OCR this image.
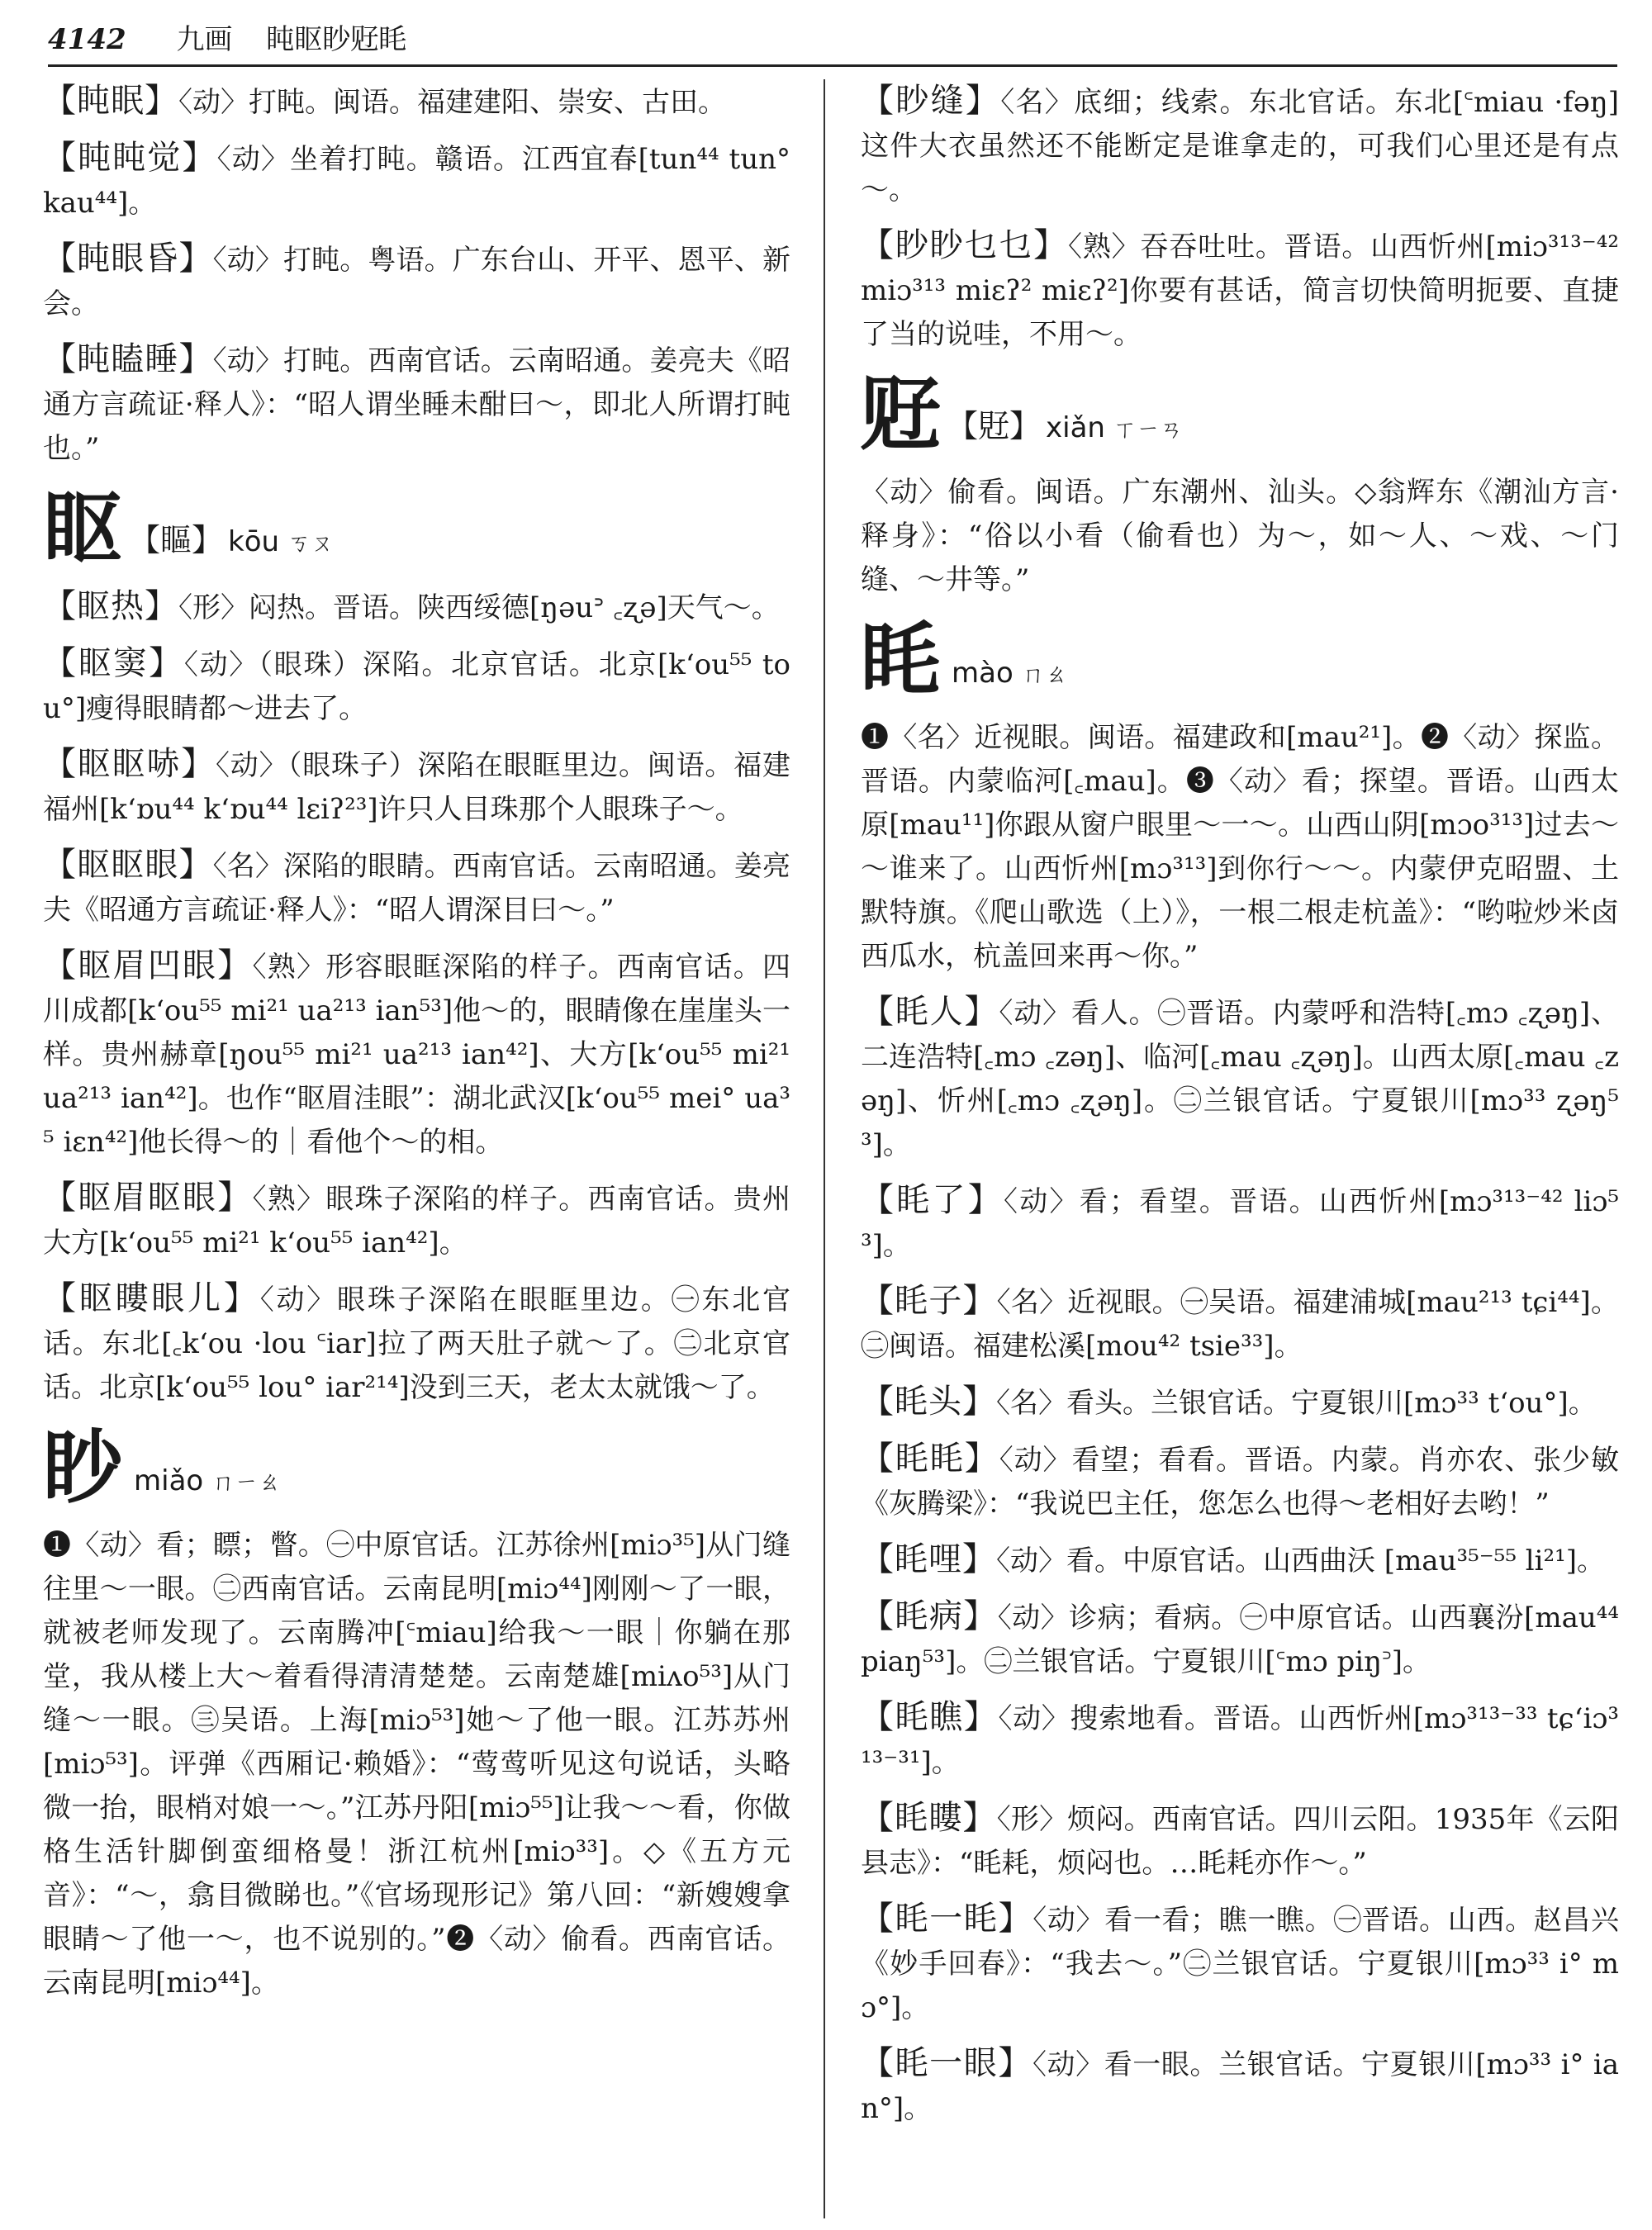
4142 九画 盹眍眇觃眊

【盹眠】〈动〉打盹。闽语。福建建阳、崇安、古田。

【盹盹觉】〈动〉坐着打盹。赣语。江西宜春[tun⁴⁴ tun° kau⁴⁴]。

【盹眼昏】〈动〉打盹。粤语。广东台山、开平、恩平、新会。

【盹瞌睡】〈动〉打盹。西南官话。云南昭通。姜亮夫《昭通方言疏证·释人》：“昭人谓坐睡未酣曰～，即北人所谓打盹也。”

眍 【瞘】 kōu ㄎㄡ

【眍热】〈形〉闷热。晋语。陕西绥德[ŋəuᐣ ꜀ʐə]天气～。

【眍窦】〈动〉（眼珠）深陷。北京官话。北京[k‘ou⁵⁵ tou°]瘦得眼睛都～进去了。

【眍眍哧】〈动〉（眼珠子）深陷在眼眶里边。闽语。福建福州[k‘ɒu⁴⁴ k‘ɒu⁴⁴ lɛiʔ²³]许只人目珠那个人眼珠子～。

【眍眍眼】〈名〉深陷的眼睛。西南官话。云南昭通。姜亮夫《昭通方言疏证·释人》：“昭人谓深目曰～。”

【眍眉凹眼】〈熟〉形容眼眶深陷的样子。西南官话。四川成都[k‘ou⁵⁵ mi²¹ ua²¹³ ian⁵³]他～的，眼睛像在崖崖头一样。贵州赫章[ŋou⁵⁵ mi²¹ ua²¹³ ian⁴²]、大方[k‘ou⁵⁵ mi²¹ ua²¹³ ian⁴²]。也作“眍眉洼眼”：湖北武汉[k‘ou⁵⁵ mei° ua³⁵ iɛn⁴²]他长得～的｜看他个～的相。

【眍眉眍眼】〈熟〉眼珠子深陷的样子。西南官话。贵州大方[k‘ou⁵⁵ mi²¹ k‘ou⁵⁵ ian⁴²]。

【眍瞜眼儿】〈动〉眼珠子深陷在眼眶里边。㊀东北官话。东北[꜀k‘ou ·lou ꜂iar]拉了两天肚子就～了。㊁北京官话。北京[k‘ou⁵⁵ lou° iar²¹⁴]没到三天，老太太就饿～了。

眇miǎo ㄇㄧㄠ

❶〈动〉看；瞟；瞥。㊀中原官话。江苏徐州[miɔ³⁵]从门缝往里～一眼。㊁西南官话。云南昆明[miɔ⁴⁴]刚刚～了一眼，就被老师发现了。云南腾冲[꜂miau]给我～一眼｜你躺在那堂，我从楼上大～着看得清清楚楚。云南楚雄[miʌo⁵³]从门缝～一眼。㊂吴语。上海[miɔ⁵³]她～了他一眼。江苏苏州[miɔ⁵³]。评弹《西厢记·赖婚》：“莺莺听见这句说话，头略微一抬，眼梢对娘一～。”江苏丹阳[miɔ⁵⁵]让我～～看，你做格生活针脚倒蛮细格曼！浙江杭州[miɔ³³]。◇《五方元音》：“～，翕目微睇也。”《官场现形记》第八回：“新嫂嫂拿眼睛～了他一～，也不说别的。”❷〈动〉偷看。西南官话。云南昆明[miɔ⁴⁴]。

【眇缝】〈名〉底细；线索。东北官话。东北[꜂miau ·fəŋ]这件大衣虽然还不能断定是谁拿走的，可我们心里还是有点～。

【眇眇乜乜】〈熟〉吞吞吐吐。晋语。山西忻州[miɔ³¹³⁻⁴² miɔ³¹³ miɛʔ² miɛʔ²]你要有甚话，简言切快简明扼要、直捷了当的说哇，不用～。

觃 【覎】 xiǎn ㄒㄧㄢ

〈动〉偷看。闽语。广东潮州、汕头。◇翁辉东《潮汕方言·释身》：“俗以小看（偷看也）为～，如～人、～戏、～门缝、～井等。”

眊mào ㄇㄠ

❶〈名〉近视眼。闽语。福建政和[mau²¹]。❷〈动〉探监。晋语。内蒙临河[꜀mau]。❸〈动〉看；探望。晋语。山西太原[mau¹¹]你跟从窗户眼里～一～。山西山阴[mɔo³¹³]过去～～谁来了。山西忻州[mɔ³¹³]到你行～～。内蒙伊克昭盟、土默特旗。《爬山歌选（上）》，一根二根走杭盖》：“哟啦炒米卤西瓜水，杭盖回来再～你。”

【眊人】〈动〉看人。㊀晋语。内蒙呼和浩特[꜀mɔ ꜀ʐəŋ]、二连浩特[꜀mɔ ꜀zəŋ]、临河[꜀mau ꜀ʐəŋ]。山西太原[꜀mau ꜀zəŋ]、忻州[꜀mɔ ꜀ʐəŋ]。㊁兰银官话。宁夏银川[mɔ³³ ʐəŋ⁵³]。

【眊了】〈动〉看；看望。晋语。山西忻州[mɔ³¹³⁻⁴² liɔ⁵³]。

【眊子】〈名〉近视眼。㊀吴语。福建浦城[mau²¹³ tɕi⁴⁴]。㊁闽语。福建松溪[mou⁴² tsie³³]。

【眊头】〈名〉看头。兰银官话。宁夏银川[mɔ³³ t‘ou°]。

【眊眊】〈动〉看望；看看。晋语。内蒙。肖亦农、张少敏《灰腾梁》：“我说巴主任，您怎么也得～老相好去哟！”

【眊哩】〈动〉看。中原官话。山西曲沃 [mau³⁵⁻⁵⁵ li²¹]。

【眊病】〈动〉诊病；看病。㊀中原官话。山西襄汾[mau⁴⁴ piaŋ⁵³]。㊁兰银官话。宁夏银川[꜂mɔ piŋ꜄]。

【眊瞧】〈动〉搜索地看。晋语。山西忻州[mɔ³¹³⁻³³ tɕ‘iɔ³¹³⁻³¹]。

【眊瞜】〈形〉烦闷。西南官话。四川云阳。1935年《云阳县志》：“眊耗，烦闷也。…眊耗亦作～。”

【眊一眊】〈动〉看一看；瞧一瞧。㊀晋语。山西。赵昌兴《妙手回春》：“我去～。”㊁兰银官话。宁夏银川[mɔ³³ i° mɔ°]。

【眊一眼】〈动〉看一眼。兰银官话。宁夏银川[mɔ³³ i° ian°]。
